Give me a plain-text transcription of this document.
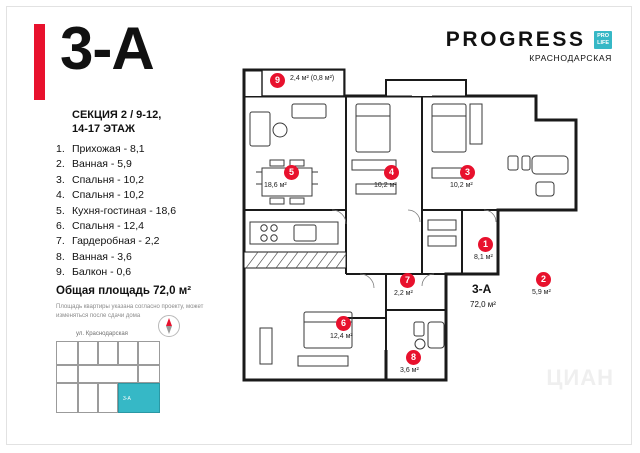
3-А
СЕКЦИЯ 2 / 9-12,
14-17 ЭТАЖ
1. Прихожая - 8,1
2. Ванная - 5,9
3. Спальня - 10,2
4. Спальня - 10,2
5. Кухня-гостиная - 18,6
6. Спальня - 12,4
7. Гардеробная - 2,2
8. Ванная - 3,6
9. Балкон - 0,6
Общая площадь 72,0 м²
Площадь квартиры указана согласно проекту, может изменяться после сдачи дома
ул. Краснодарская
3-А
PROGRESS PRO
LIFE
КРАСНОДАРСКАЯ
9	2,4 м² (0,8 м²)
5
18,6 м²
4
10,2 м²
3
10,2 м²
1
8,1 м²
2
5,9 м²
7
2,2 м²
6
12,4 м²
8
3,6 м²
3-А
72,0 м²
ЦИАН
